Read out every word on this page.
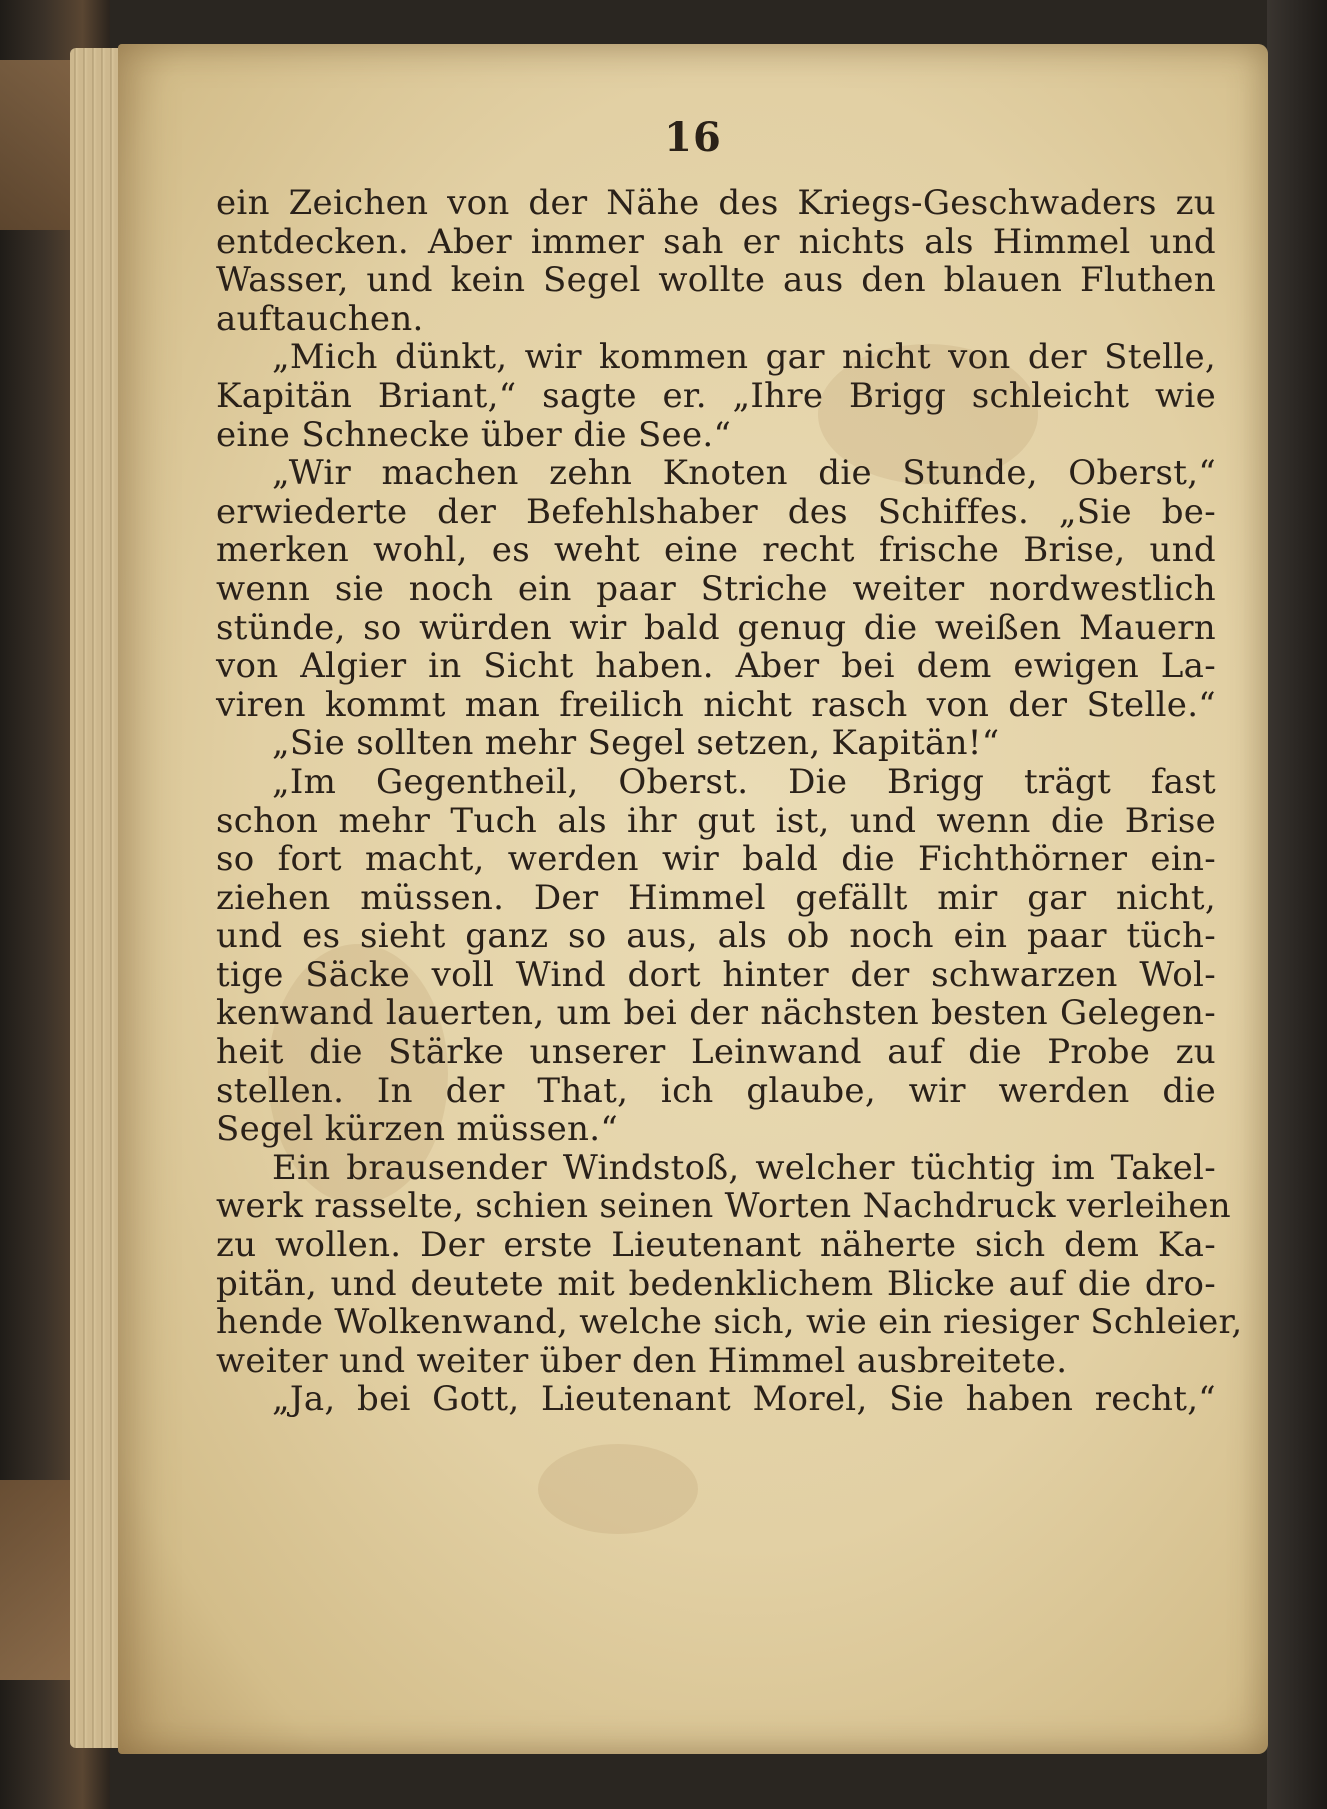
16
ein Zeichen von der Nähe des Kriegs-Geschwaders zu
entdecken. Aber immer sah er nichts als Himmel und
Wasser, und kein Segel wollte aus den blauen Fluthen
auftauchen.
„Mich dünkt, wir kommen gar nicht von der Stelle,
Kapitän Briant,“ sagte er. „Ihre Brigg schleicht wie
eine Schnecke über die See.“
„Wir machen zehn Knoten die Stunde, Oberst,“
erwiederte der Befehlshaber des Schiffes. „Sie be-
merken wohl, es weht eine recht frische Brise, und
wenn sie noch ein paar Striche weiter nordwestlich
stünde, so würden wir bald genug die weißen Mauern
von Algier in Sicht haben. Aber bei dem ewigen La-
viren kommt man freilich nicht rasch von der Stelle.“
„Sie sollten mehr Segel setzen, Kapitän!“
„Im Gegentheil, Oberst. Die Brigg trägt fast
schon mehr Tuch als ihr gut ist, und wenn die Brise
so fort macht, werden wir bald die Fichthörner ein-
ziehen müssen. Der Himmel gefällt mir gar nicht,
und es sieht ganz so aus, als ob noch ein paar tüch-
tige Säcke voll Wind dort hinter der schwarzen Wol-
kenwand lauerten, um bei der nächsten besten Gelegen-
heit die Stärke unserer Leinwand auf die Probe zu
stellen. In der That, ich glaube, wir werden die
Segel kürzen müssen.“
Ein brausender Windstoß, welcher tüchtig im Takel-
werk rasselte, schien seinen Worten Nachdruck verleihen
zu wollen. Der erste Lieutenant näherte sich dem Ka-
pitän, und deutete mit bedenklichem Blicke auf die dro-
hende Wolkenwand, welche sich, wie ein riesiger Schleier,
weiter und weiter über den Himmel ausbreitete.
„Ja, bei Gott, Lieutenant Morel, Sie haben recht,“
